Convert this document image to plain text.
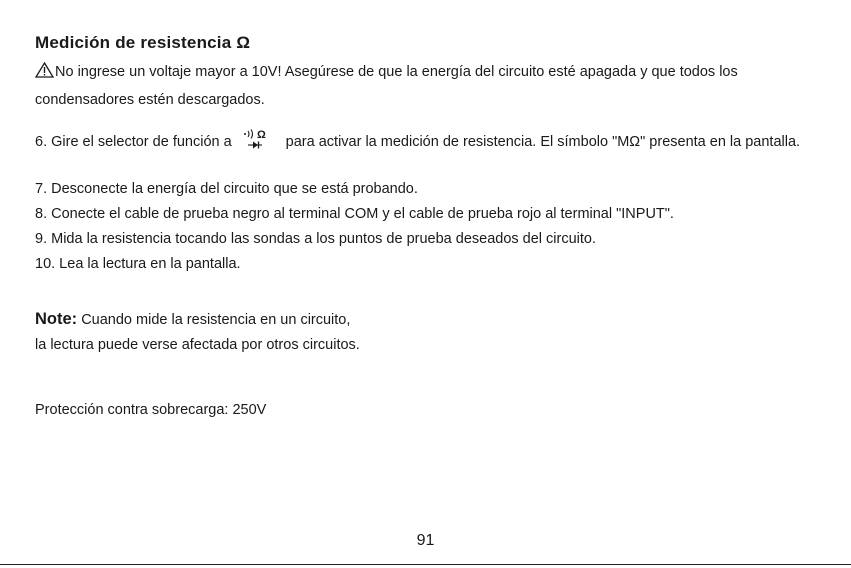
Medición de resistencia Ω
No ingrese un voltaje mayor a 10V! Asegúrese de que la energía del circuito esté apagada y que todos los condensadores estén descargados.
6. Gire el selector de función a Ω para activar la medición de resistencia. El símbolo "MΩ" presenta en la pantalla.
7. Desconecte la energía del circuito que se está probando.
8. Conecte el cable de prueba negro al terminal COM y el cable de prueba rojo al terminal "INPUT".
9. Mida la resistencia tocando las sondas a los puntos de prueba deseados del circuito.
10. Lea la lectura en la pantalla.
Note: Cuando mide la resistencia en un circuito,
la lectura puede verse afectada por otros circuitos.
Protección contra sobrecarga: 250V
91
